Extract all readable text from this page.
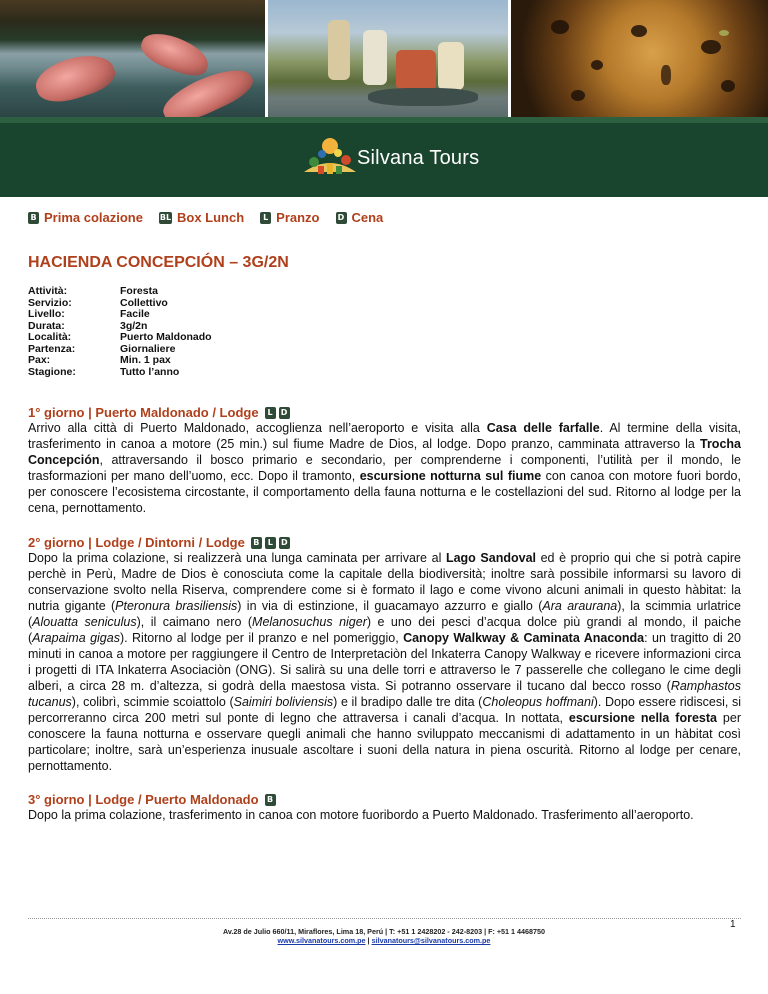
Silvana Tours
B Prima colazione BL Box Lunch	L Pranzo D Cena
HACIENDA CONCEPCIÓN – 3G/2N
Attività:	Foresta
Servizio:	Collettivo
Livello:	Facile
Durata:	3g/2n
Località:	Puerto Maldonado
Partenza:	Giornaliere
Pax:	Min. 1 pax
Stagione:	Tutto l’anno
1° giorno | Puerto Maldonado / Lodge	L	D

Arrivo alla città di Puerto Maldonado, accoglienza nell’aeroporto e visita alla Casa delle farfalle. Al termine della visita, trasferimento in canoa a motore (25 min.) sul fiume Madre de Dios, al lodge. Dopo pranzo, camminata attraverso la Trocha Concepción, attraversando il bosco primario e secondario, per comprenderne i componenti, l’utilità per il mondo, le trasformazioni per mano dell’uomo, ecc. Dopo il tramonto, escursione notturna sul fiume con canoa con motore fuori bordo, per conoscere l’ecosistema circostante, il comportamento della fauna notturna e le costellazioni del sud. Ritorno al lodge per la cena, pernottamento.

2° giorno | Lodge / Dintorni / Lodge	B	L	D

Dopo la prima colazione, si realizzerà una lunga caminata per arrivare al Lago Sandoval ed è proprio qui che si potrà capire perchè in Perù, Madre de Dios è conosciuta come la capitale della biodiversità; inoltre sarà possibile informarsi su lavoro di conservazione svolto nella Riserva, comprendere come si è formato il lago e come vivono alcuni animali in questo hàbitat: la nutria gigante (Pteronura brasiliensis) in via di estinzione, il guacamayo azzurro e giallo (Ara araurana), la scimmia urlatrice (Alouatta seniculus), il caimano nero (Melanosuchus niger) e uno dei pesci d’acqua dolce più grandi al mondo, il paiche (Arapaima gigas). Ritorno al lodge per il pranzo e nel pomeriggio, Canopy Walkway & Caminata Anaconda: un tragitto di 20 minuti in canoa a motore per raggiungere il Centro de Interpretaciòn del Inkaterra Canopy Walkway e ricevere informazioni circa i progetti di ITA Inkaterra Asociaciòn (ONG). Si salirà su una delle torri e attraverso le 7 passerelle che collegano le cime degli alberi, a circa 28 m. d’altezza, si godrà della maestosa vista. Si potranno osservare il tucano dal becco rosso (Ramphastos tucanus), colibrì, scimmie scoiattolo (Saimiri boliviensis) e il bradipo dalle tre dita (Choleopus hoffmani). Dopo essere ridiscesi, si percorreranno circa 200 metri sul ponte di legno che attraversa i canali d’acqua. In nottata, escursione nella foresta per conoscere la fauna notturna e osservare quegli animali che hanno sviluppato meccanismi di adattamento in un hàbitat così particolare; inoltre, sarà un’esperienza inusuale ascoltare i suoni della natura in piena oscurità. Ritorno al lodge per cenare, pernottamento.

3° giorno | Lodge / Puerto Maldonado	B

Dopo la prima colazione, trasferimento in canoa con motore fuoribordo a Puerto Maldonado. Trasferimento all’aeroporto.

1
Av.28 de Julio 660/11, Miraflores, Lima 18, Perú | T: +51 1 2428202 - 242-8203 | F: +51 1 4468750
www.silvanatours.com.pe | silvanatours@silvanatours.com.pe
